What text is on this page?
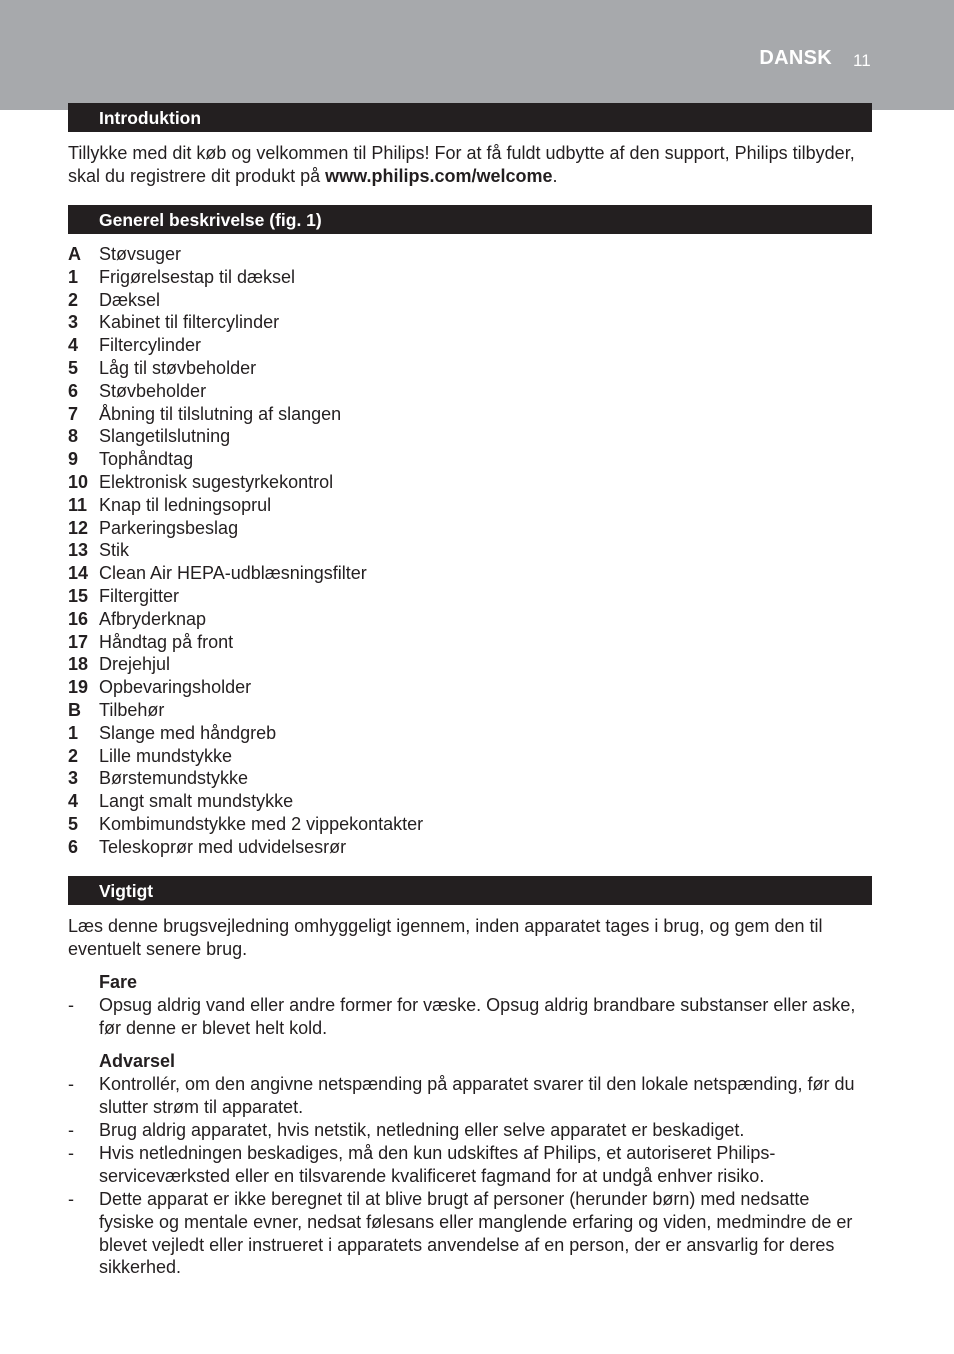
DANSK 11
Introduktion

Tillykke med dit køb og velkommen til Philips! For at få fuldt udbytte af den support, Philips tilbyder, skal du registrere dit produkt på www.philips.com/welcome.

Generel beskrivelse (fig. 1)
A Støvsuger
1 Frigørelsestap til dæksel
2 Dæksel
3 Kabinet til filtercylinder
4 Filtercylinder
5 Låg til støvbeholder
6 Støvbeholder
7 Åbning til tilslutning af slangen
8 Slangetilslutning
9 Tophåndtag
10 Elektronisk sugestyrkekontrol
11 Knap til ledningsoprul
12 Parkeringsbeslag
13 Stik
14 Clean Air HEPA-udblæsningsfilter
15 Filtergitter
16 Afbryderknap
17 Håndtag på front
18 Drejehjul
19 Opbevaringsholder
B Tilbehør
1 Slange med håndgreb
2 Lille mundstykke
3 Børstemundstykke
4 Langt smalt mundstykke
5 Kombimundstykke med 2 vippekontakter
6 Teleskoprør med udvidelsesrør
Vigtigt

Læs denne brugsvejledning omhyggeligt igennem, inden apparatet tages i brug, og gem den til eventuelt senere brug.

Fare
- Opsug aldrig vand eller andre former for væske. Opsug aldrig brandbare substanser eller aske, før denne er blevet helt kold.
Advarsel
- Kontrollér, om den angivne netspænding på apparatet svarer til den lokale netspænding, før du slutter strøm til apparatet.
- Brug aldrig apparatet, hvis netstik, netledning eller selve apparatet er beskadiget.
- Hvis netledningen beskadiges, må den kun udskiftes af Philips, et autoriseret Philips-serviceværksted eller en tilsvarende kvalificeret fagmand for at undgå enhver risiko.
- Dette apparat er ikke beregnet til at blive brugt af personer (herunder børn) med nedsatte fysiske og mentale evner, nedsat følesans eller manglende erfaring og viden, medmindre de er blevet vejledt eller instrueret i apparatets anvendelse af en person, der er ansvarlig for deres sikkerhed.
